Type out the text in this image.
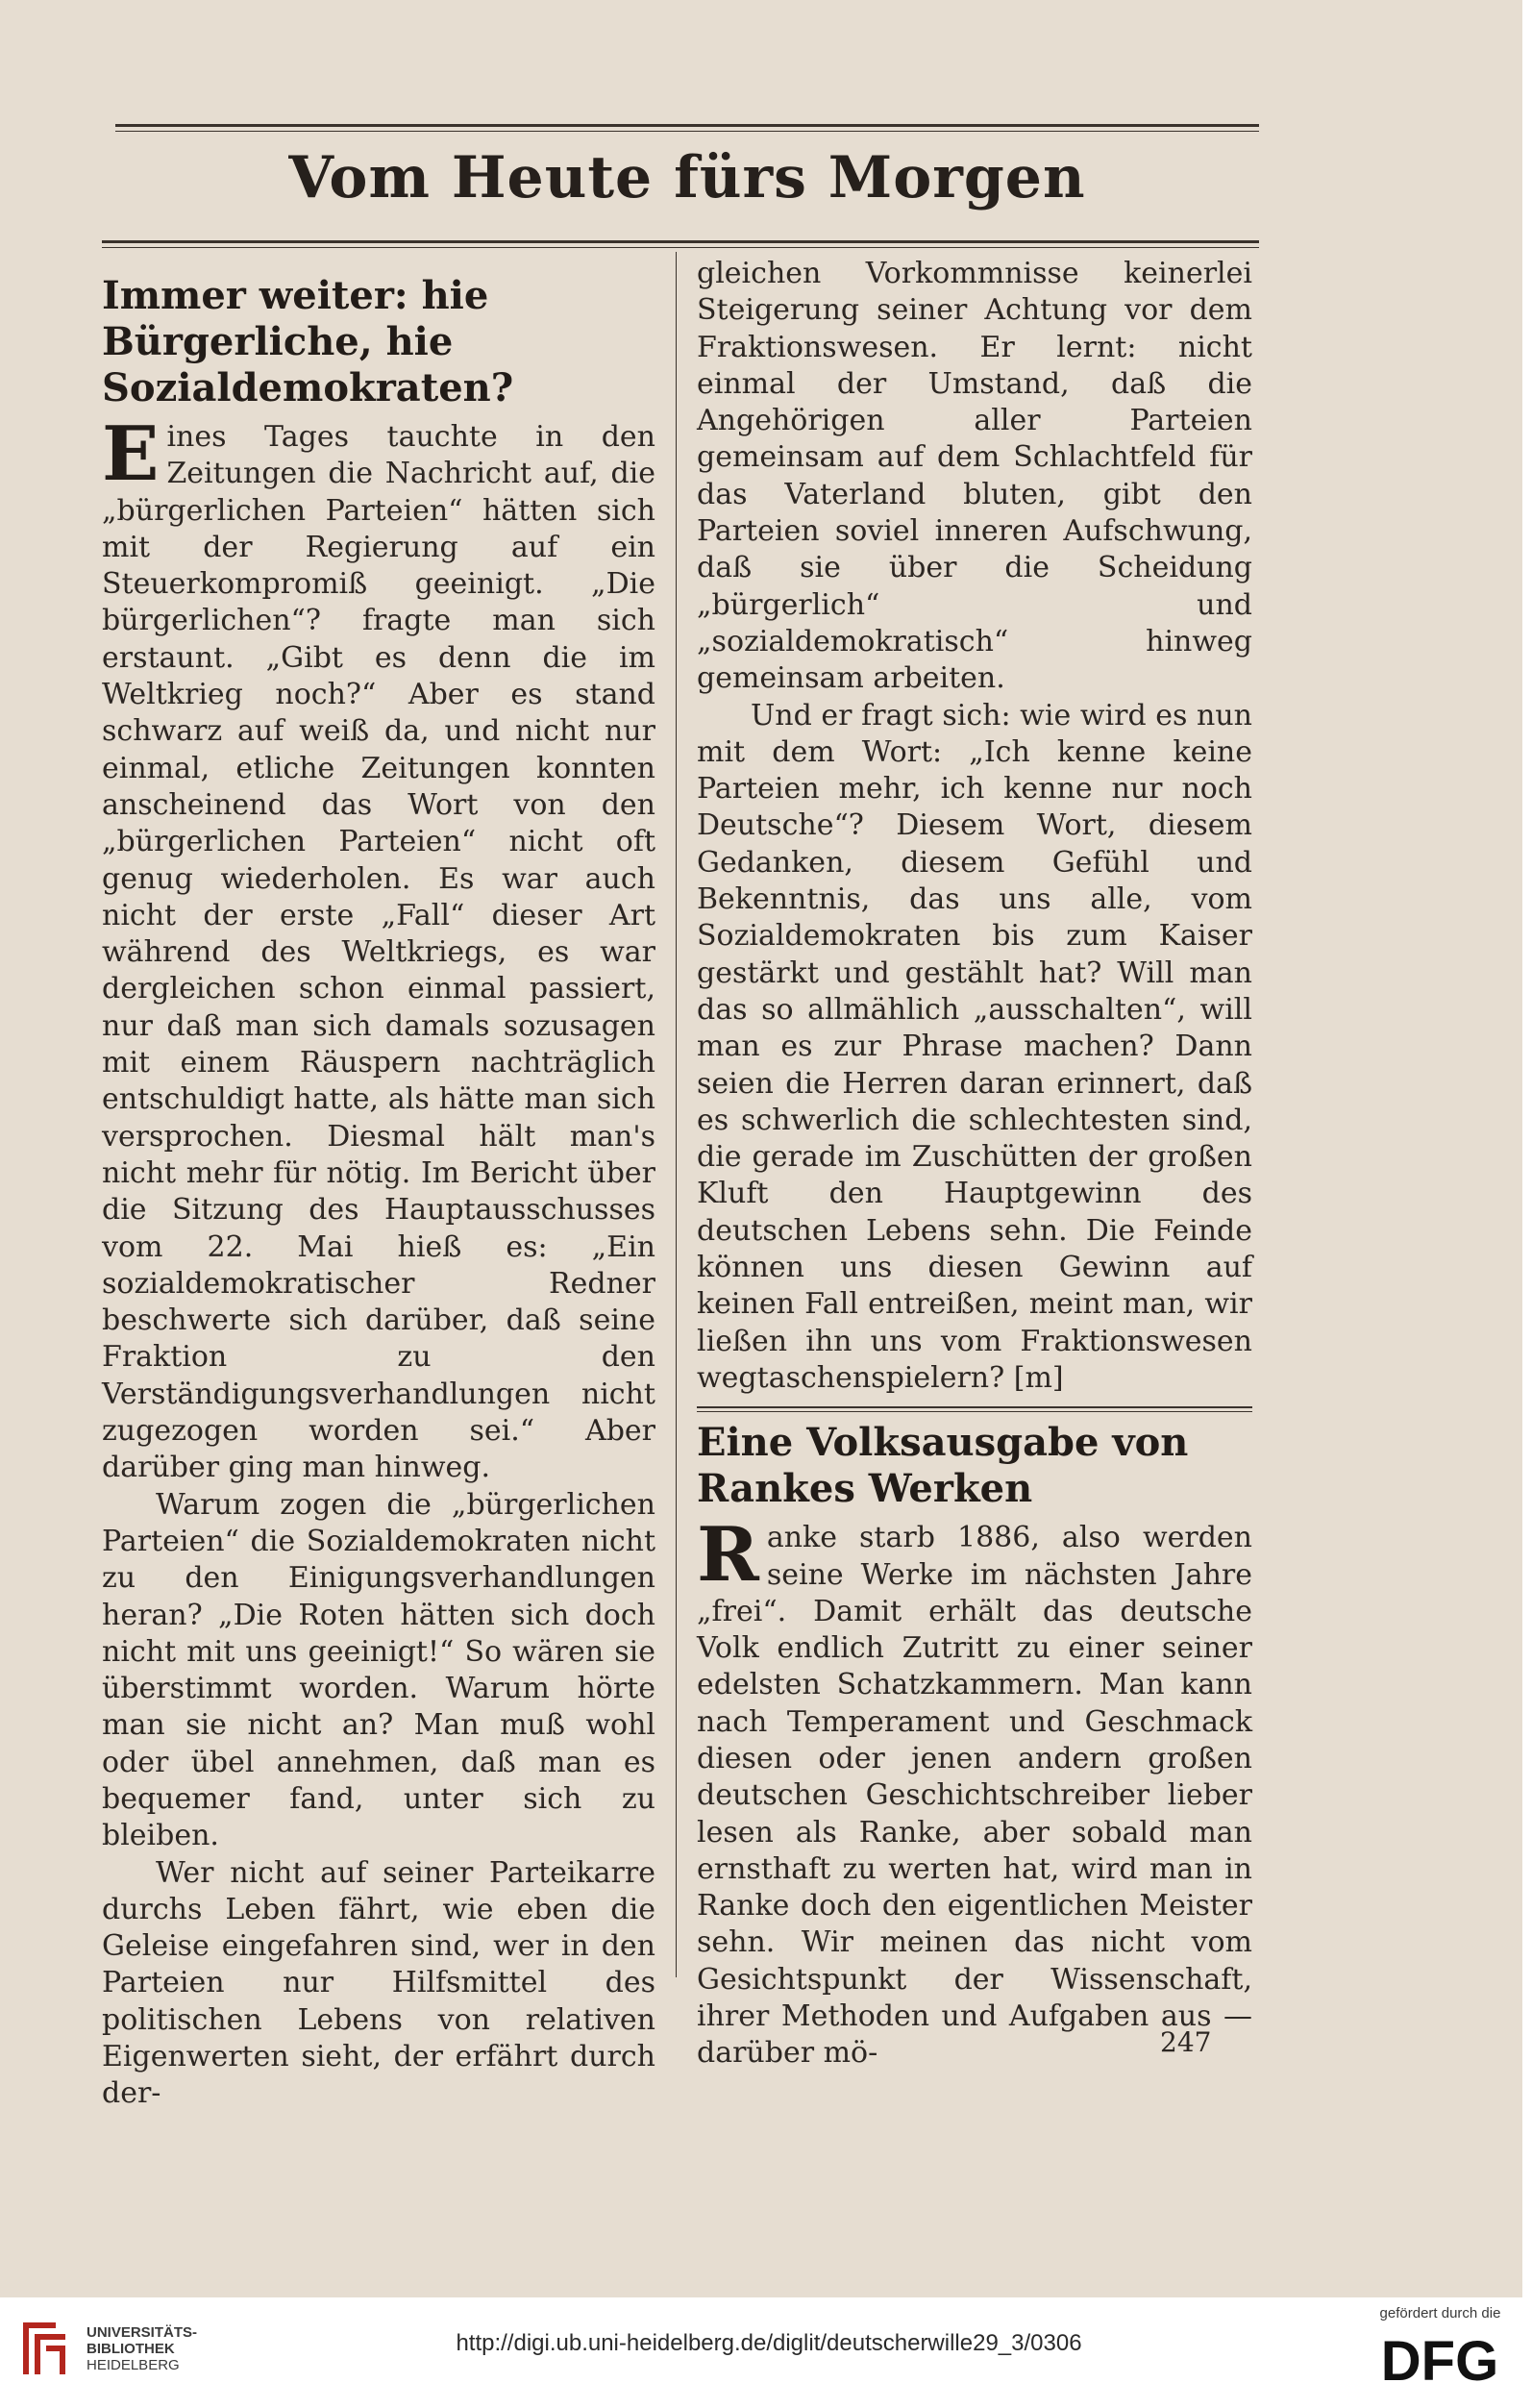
Vom Heute fürs Morgen
Immer weiter: hie Bürgerliche, hie Sozialdemokraten?

Eines Tages tauchte in den Zeitungen die Nachricht auf, die „bürgerlichen Parteien“ hätten sich mit der Regierung auf ein Steuerkompromiß geeinigt. „Die bürgerlichen“? fragte man sich erstaunt. „Gibt es denn die im Weltkrieg noch?“ Aber es stand schwarz auf weiß da, und nicht nur einmal, etliche Zeitungen konnten anscheinend das Wort von den „bürgerlichen Parteien“ nicht oft genug wiederholen. Es war auch nicht der erste „Fall“ dieser Art während des Weltkriegs, es war dergleichen schon einmal passiert, nur daß man sich damals sozusagen mit einem Räuspern nachträglich entschuldigt hatte, als hätte man sich versprochen. Diesmal hält man's nicht mehr für nötig. Im Bericht über die Sitzung des Hauptausschusses vom 22. Mai hieß es: „Ein sozialdemokratischer Redner beschwerte sich darüber, daß seine Fraktion zu den Verständigungsverhandlungen nicht zugezogen worden sei.“ Aber darüber ging man hinweg.

Warum zogen die „bürgerlichen Parteien“ die Sozialdemokraten nicht zu den Einigungsverhandlungen heran? „Die Roten hätten sich doch nicht mit uns geeinigt!“ So wären sie überstimmt worden. Warum hörte man sie nicht an? Man muß wohl oder übel annehmen, daß man es bequemer fand, unter sich zu bleiben.

Wer nicht auf seiner Parteikarre durchs Leben fährt, wie eben die Geleise eingefahren sind, wer in den Parteien nur Hilfsmittel des politischen Lebens von relativen Eigenwerten sieht, der erfährt durch der-

gleichen Vorkommnisse keinerlei Steigerung seiner Achtung vor dem Fraktionswesen. Er lernt: nicht einmal der Umstand, daß die Angehörigen aller Parteien gemeinsam auf dem Schlachtfeld für das Vaterland bluten, gibt den Parteien soviel inneren Aufschwung, daß sie über die Scheidung „bürgerlich“ und „sozialdemokratisch“ hinweg gemeinsam arbeiten.

Und er fragt sich: wie wird es nun mit dem Wort: „Ich kenne keine Parteien mehr, ich kenne nur noch Deutsche“? Diesem Wort, diesem Gedanken, diesem Gefühl und Bekenntnis, das uns alle, vom Sozialdemokraten bis zum Kaiser gestärkt und gestählt hat? Will man das so allmählich „ausschalten“, will man es zur Phrase machen? Dann seien die Herren daran erinnert, daß es schwerlich die schlechtesten sind, die gerade im Zuschütten der großen Kluft den Hauptgewinn des deutschen Lebens sehn. Die Feinde können uns diesen Gewinn auf keinen Fall entreißen, meint man, wir ließen ihn uns vom Fraktionswesen wegtaschenspielern? [m]

Eine Volksausgabe von Rankes Werken

Ranke starb 1886, also werden seine Werke im nächsten Jahre „frei“. Damit erhält das deutsche Volk endlich Zutritt zu einer seiner edelsten Schatzkammern. Man kann nach Temperament und Geschmack diesen oder jenen andern großen deutschen Geschichtschreiber lieber lesen als Ranke, aber sobald man ernsthaft zu werten hat, wird man in Ranke doch den eigentlichen Meister sehn. Wir meinen das nicht vom Gesichtspunkt der Wissenschaft, ihrer Methoden und Aufgaben aus — darüber mö-	247
UNIVERSITÄTS-
BIBLIOTHEK
HEIDELBERG
http://digi.ub.uni-heidelberg.de/diglit/deutscherwille29_3/0306
gefördert durch die
DFG
